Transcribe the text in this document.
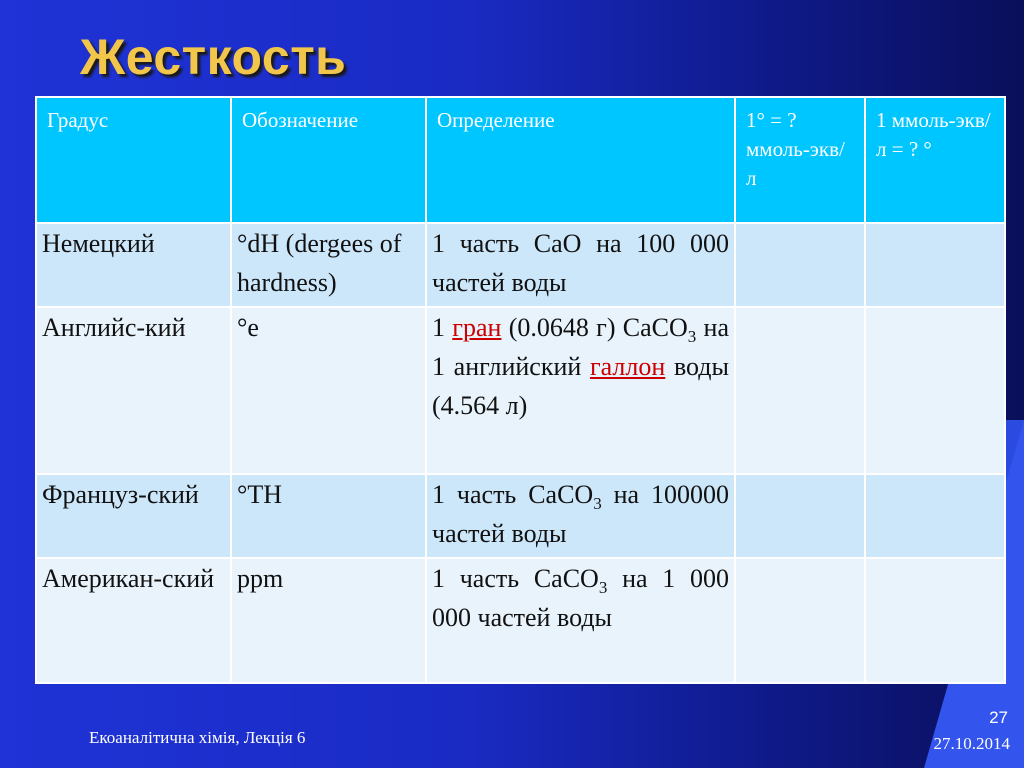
Жесткость
Градус	Обозначение	Определение	1° = ? ммоль-экв/л	1 ммоль-экв/л = ? °
Немецкий	°dH (dergees of hardness)	1 часть CaO на 100 000 частей воды		
Английс-кий	°e	1 гран (0.0648 г) CaCO$_3$ на 1 английский галлон воды (4.564 л)		
Француз-ский	°TH	1 часть CaCO$_3$ на 100000 частей воды		
Американ-ский	ppm	1 часть CaCO$_3$ на 1 000 000 частей воды		
Екоаналітична хімія, Лекція 6
27
27.10.2014
